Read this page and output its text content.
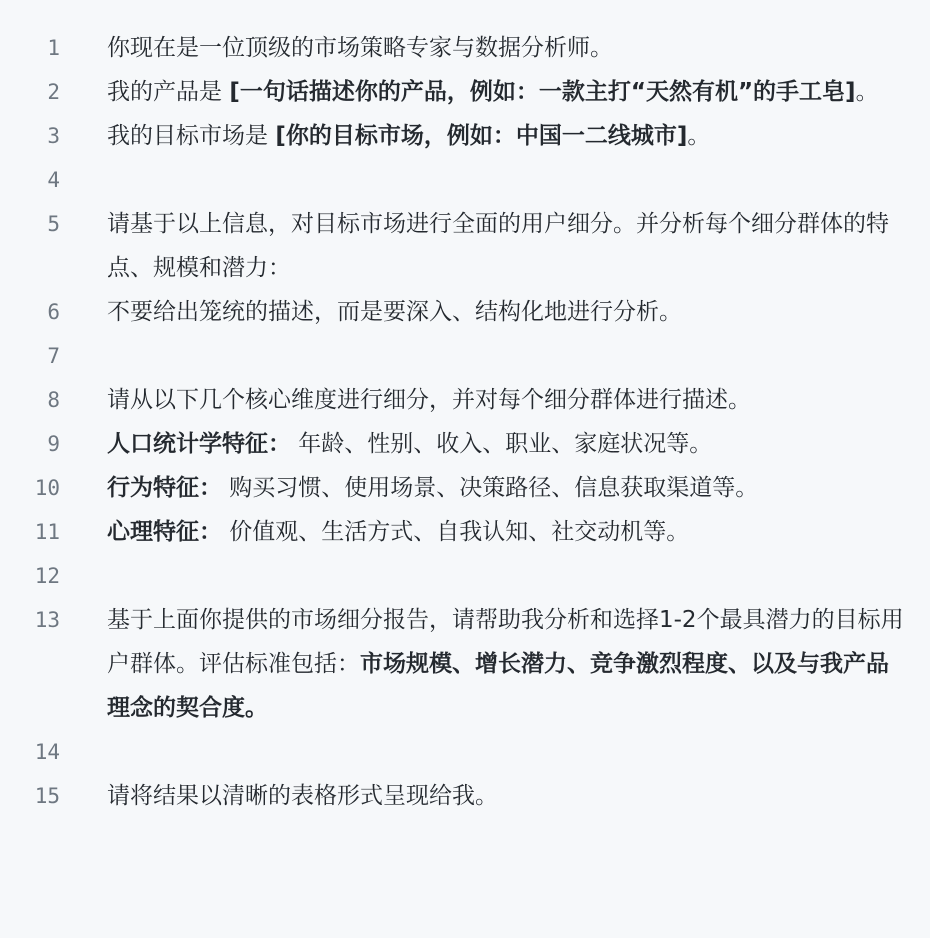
1 你现在是一位顶级的市场策略专家与数据分析师。
2 我的产品是 [一句话描述你的产品，例如：一款主打“天然有机”的手工皂]。
3 我的目标市场是 [你的目标市场，例如：中国一二线城市]。
4
5 请基于以上信息，对目标市场进行全面的用户细分。并分析每个细分群体的特点、规模和潜力：
6 不要给出笼统的描述，而是要深入、结构化地进行分析。
7
8 请从以下几个核心维度进行细分，并对每个细分群体进行描述。
9 人口统计学特征： 年龄、性别、收入、职业、家庭状况等。
10 行为特征： 购买习惯、使用场景、决策路径、信息获取渠道等。
11 心理特征： 价值观、生活方式、自我认知、社交动机等。
12
13 基于上面你提供的市场细分报告，请帮助我分析和选择1-2个最具潜力的目标用户群体。评估标准包括：市场规模、增长潜力、竞争激烈程度、以及与我产品理念的契合度。
14
15 请将结果以清晰的表格形式呈现给我。
